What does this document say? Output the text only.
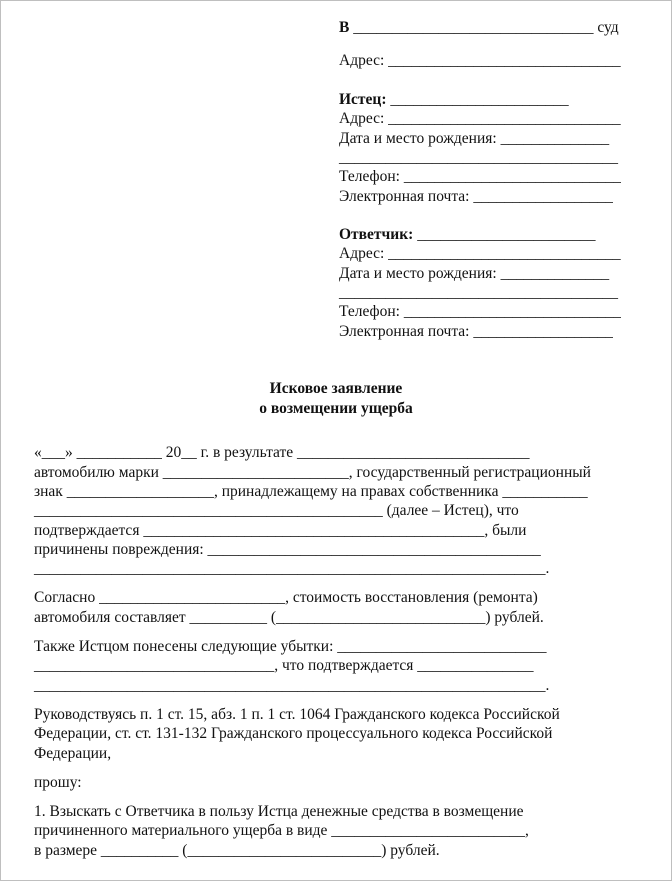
В _______________________________ суд
Адрес: ______________________________
Истец: _______________________
Адрес: ______________________________
Дата и место рождения: ______________
____________________________________
Телефон: ____________________________
Электронная почта: __________________
Ответчик: _______________________
Адрес: ______________________________
Дата и место рождения: ______________
____________________________________
Телефон: ____________________________
Электронная почта: __________________
Исковое заявление
о возмещении ущерба
«___» ___________ 20__ г. в результате ______________________________
автомобилю марки ________________________, государственный регистрационный
знак ___________________, принадлежащему на правах собственника ___________
_____________________________________________ (далее – Истец), что
подтверждается ____________________________________________, были
причинены повреждения: ___________________________________________
__________________________________________________________________.
Согласно ________________________, стоимость восстановления (ремонта)
автомобиля составляет __________ (___________________________) рублей.
Также Истцом понесены следующие убытки: ___________________________
_______________________________, что подтверждается _______________
__________________________________________________________________.
Руководствуясь п. 1 ст. 15, абз. 1 п. 1 ст. 1064 Гражданского кодекса Российской
Федерации, ст. ст. 131-132 Гражданского процессуального кодекса Российской
Федерации,
прошу:
1. Взыскать с Ответчика в пользу Истца денежные средства в возмещение
причиненного материального ущерба в виде _________________________,
в размере __________ (_________________________) рублей.
